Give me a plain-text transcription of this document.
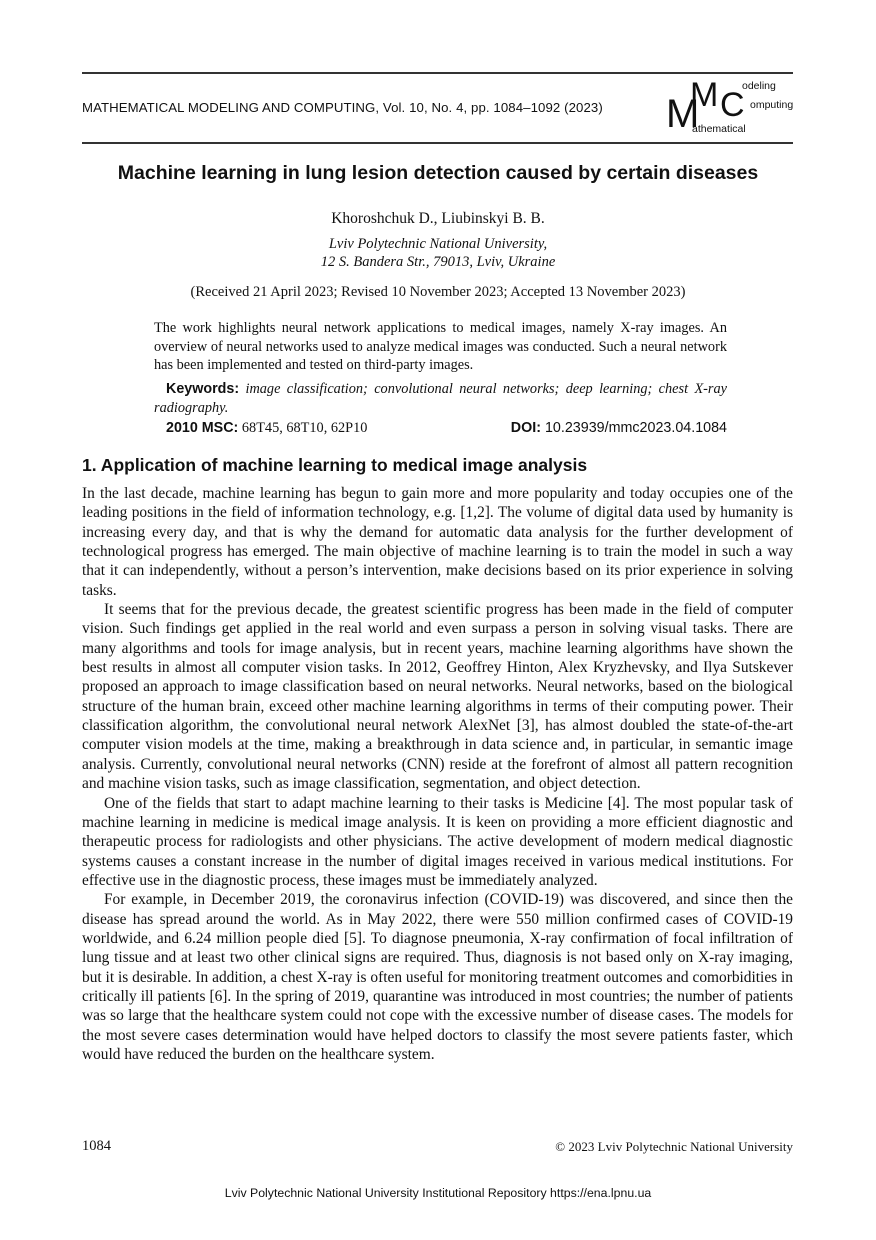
MATHEMATICAL MODELING AND COMPUTING, Vol. 10, No. 4, pp. 1084–1092 (2023) M
M C
odeling
omputing
athematical
Machine learning in lung lesion detection caused by certain diseases
Khoroshchuk D., Liubinskyi B. B.
Lviv Polytechnic National University,
12 S. Bandera Str., 79013, Lviv, Ukraine
(Received 21 April 2023; Revised 10 November 2023; Accepted 13 November 2023)
The work highlights neural network applications to medical images, namely X-ray images. An overview of neural networks used to analyze medical images was conducted. Such a neural network has been implemented and tested on third-party images.
Keywords: image classification; convolutional neural networks; deep learning; chest X-ray radiography.
2010 MSC: 68T45, 68T10, 62P10	DOI: 10.23939/mmc2023.04.1084
1. Application of machine learning to medical image analysis

In the last decade, machine learning has begun to gain more and more popularity and today occupies one of the leading positions in the field of information technology, e.g. [1,2]. The volume of digital data used by humanity is increasing every day, and that is why the demand for automatic data analysis for the further development of technological progress has emerged. The main objective of machine learning is to train the model in such a way that it can independently, without a person’s intervention, make decisions based on its prior experience in solving tasks.

It seems that for the previous decade, the greatest scientific progress has been made in the field of computer vision. Such findings get applied in the real world and even surpass a person in solving visual tasks. There are many algorithms and tools for image analysis, but in recent years, machine learning algorithms have shown the best results in almost all computer vision tasks. In 2012, Geoffrey Hinton, Alex Kryzhevsky, and Ilya Sutskever proposed an approach to image classification based on neural networks. Neural networks, based on the biological structure of the human brain, exceed other machine learning algorithms in terms of their computing power. Their classification algorithm, the convolutional neural network AlexNet [3], has almost doubled the state-of-the-art computer vision models at the time, making a breakthrough in data science and, in particular, in semantic image analysis. Currently, convolutional neural networks (CNN) reside at the forefront of almost all pattern recognition and machine vision tasks, such as image classification, segmentation, and object detection.

One of the fields that start to adapt machine learning to their tasks is Medicine [4]. The most popular task of machine learning in medicine is medical image analysis. It is keen on providing a more efficient diagnostic and therapeutic process for radiologists and other physicians. The active development of modern medical diagnostic systems causes a constant increase in the number of digital images received in various medical institutions. For effective use in the diagnostic process, these images must be immediately analyzed.

For example, in December 2019, the coronavirus infection (COVID-19) was discovered, and since then the disease has spread around the world. As in May 2022, there were 550 million confirmed cases of COVID-19 worldwide, and 6.24 million people died [5]. To diagnose pneumonia, X-ray confirmation of focal infiltration of lung tissue and at least two other clinical signs are required. Thus, diagnosis is not based only on X-ray imaging, but it is desirable. In addition, a chest X-ray is often useful for monitoring treatment outcomes and comorbidities in critically ill patients [6]. In the spring of 2019, quarantine was introduced in most countries; the number of patients was so large that the healthcare system could not cope with the excessive number of disease cases. The models for the most severe cases determination would have helped doctors to classify the most severe patients faster, which would have reduced the burden on the healthcare system.

1084	© 2023 Lviv Polytechnic National University
Lviv Polytechnic National University Institutional Repository https://ena.lpnu.ua
